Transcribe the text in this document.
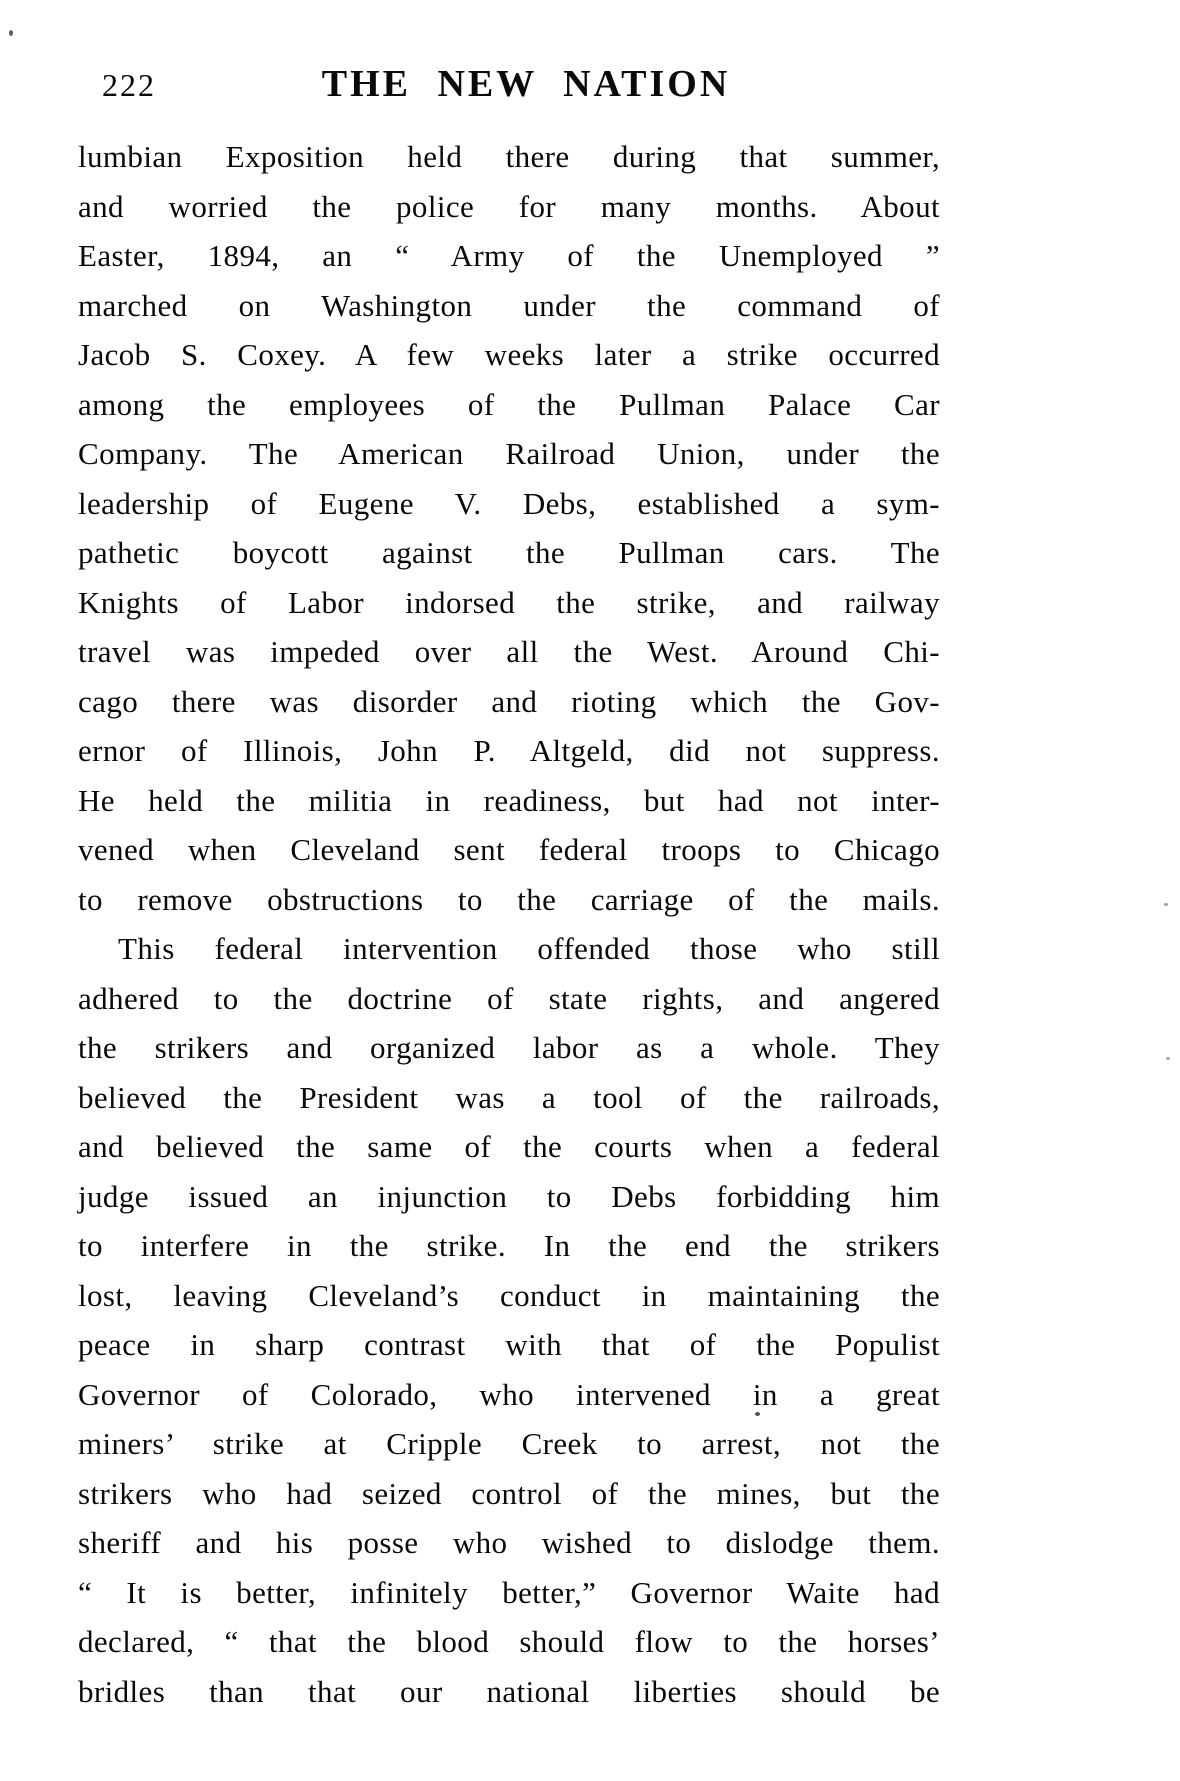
222	THE NEW NATION
lumbian Exposition held there during that summer,
and worried the police for many months. About
Easter, 1894, an “ Army of the Unemployed ”
marched on Washington under the command of
Jacob S. Coxey. A few weeks later a strike occurred
among the employees of the Pullman Palace Car
Company. The American Railroad Union, under the
leadership of Eugene V. Debs, established a sym-
pathetic boycott against the Pullman cars. The
Knights of Labor indorsed the strike, and railway
travel was impeded over all the West. Around Chi-
cago there was disorder and rioting which the Gov-
ernor of Illinois, John P. Altgeld, did not suppress.
He held the militia in readiness, but had not inter-
vened when Cleveland sent federal troops to Chicago
to remove obstructions to the carriage of the mails.
This federal intervention offended those who still
adhered to the doctrine of state rights, and angered
the strikers and organized labor as a whole. They
believed the President was a tool of the railroads,
and believed the same of the courts when a federal
judge issued an injunction to Debs forbidding him
to interfere in the strike. In the end the strikers
lost, leaving Cleveland’s conduct in maintaining the
peace in sharp contrast with that of the Populist
Governor of Colorado, who intervened in a great
miners’ strike at Cripple Creek to arrest, not the
strikers who had seized control of the mines, but the
sheriff and his posse who wished to dislodge them.
“ It is better, infinitely better,” Governor Waite had
declared, “ that the blood should flow to the horses’
bridles than that our national liberties should be
